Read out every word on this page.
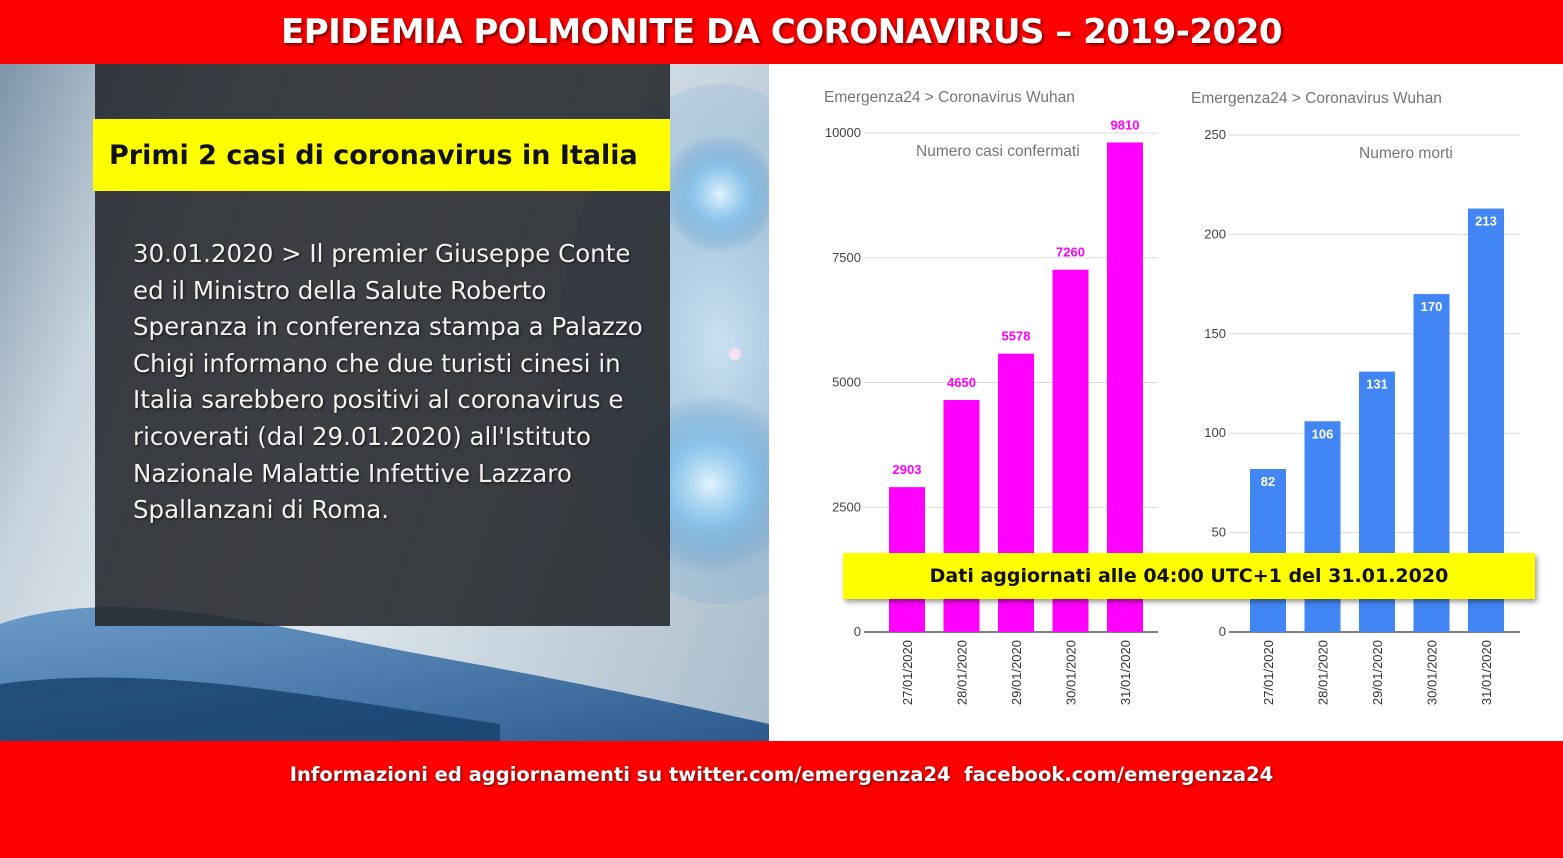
EPIDEMIA POLMONITE DA CORONAVIRUS – 2019-2020
Primi 2 casi di coronavirus in Italia
30.01.2020 > Il premier Giuseppe Conte ed il Ministro della Salute Roberto Speranza in conferenza stampa a Palazzo Chigi informano che due turisti cinesi in Italia sarebbero positivi al coronavirus e ricoverati (dal 29.01.2020) all'Istituto Nazionale Malattie Infettive Lazzaro Spallanzani di Roma.
Emergenza24 > Coronavirus Wuhan
Numero casi confermati
0
2500
5000
7500
10000
2903
27/01/2020
4650
28/01/2020
5578
29/01/2020
7260
30/01/2020
9810
31/01/2020
Emergenza24 > Coronavirus Wuhan
Numero morti
0
50
100
150
200
250
82
27/01/2020
106
28/01/2020
131
29/01/2020
170
30/01/2020
213
31/01/2020
Dati aggiornati alle 04:00 UTC+1 del 31.01.2020
Informazioni ed aggiornamenti su twitter.com/emergenza24  facebook.com/emergenza24
